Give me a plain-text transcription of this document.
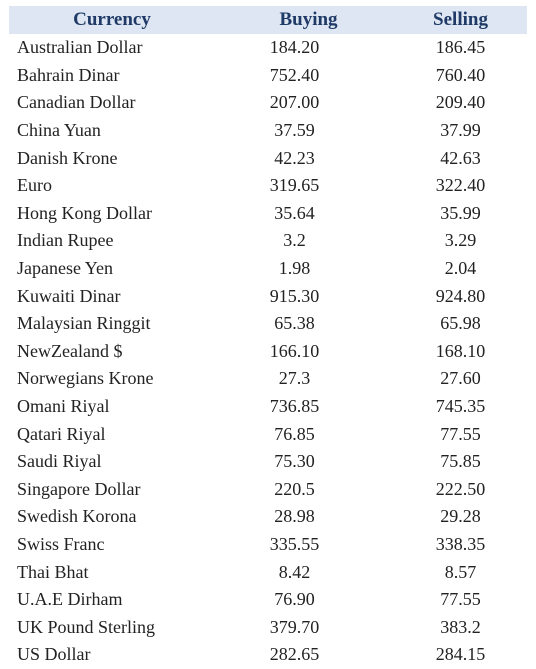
Currency	Buying	Selling
Australian Dollar	184.20	186.45
Bahrain Dinar	752.40	760.40
Canadian Dollar	207.00	209.40
China Yuan	37.59	37.99
Danish Krone	42.23	42.63
Euro	319.65	322.40
Hong Kong Dollar	35.64	35.99
Indian Rupee	3.2	3.29
Japanese Yen	1.98	2.04
Kuwaiti Dinar	915.30	924.80
Malaysian Ringgit	65.38	65.98
NewZealand $	166.10	168.10
Norwegians Krone	27.3	27.60
Omani Riyal	736.85	745.35
Qatari Riyal	76.85	77.55
Saudi Riyal	75.30	75.85
Singapore Dollar	220.5	222.50
Swedish Korona	28.98	29.28
Swiss Franc	335.55	338.35
Thai Bhat	8.42	8.57
U.A.E Dirham	76.90	77.55
UK Pound Sterling	379.70	383.2
US Dollar	282.65	284.15
